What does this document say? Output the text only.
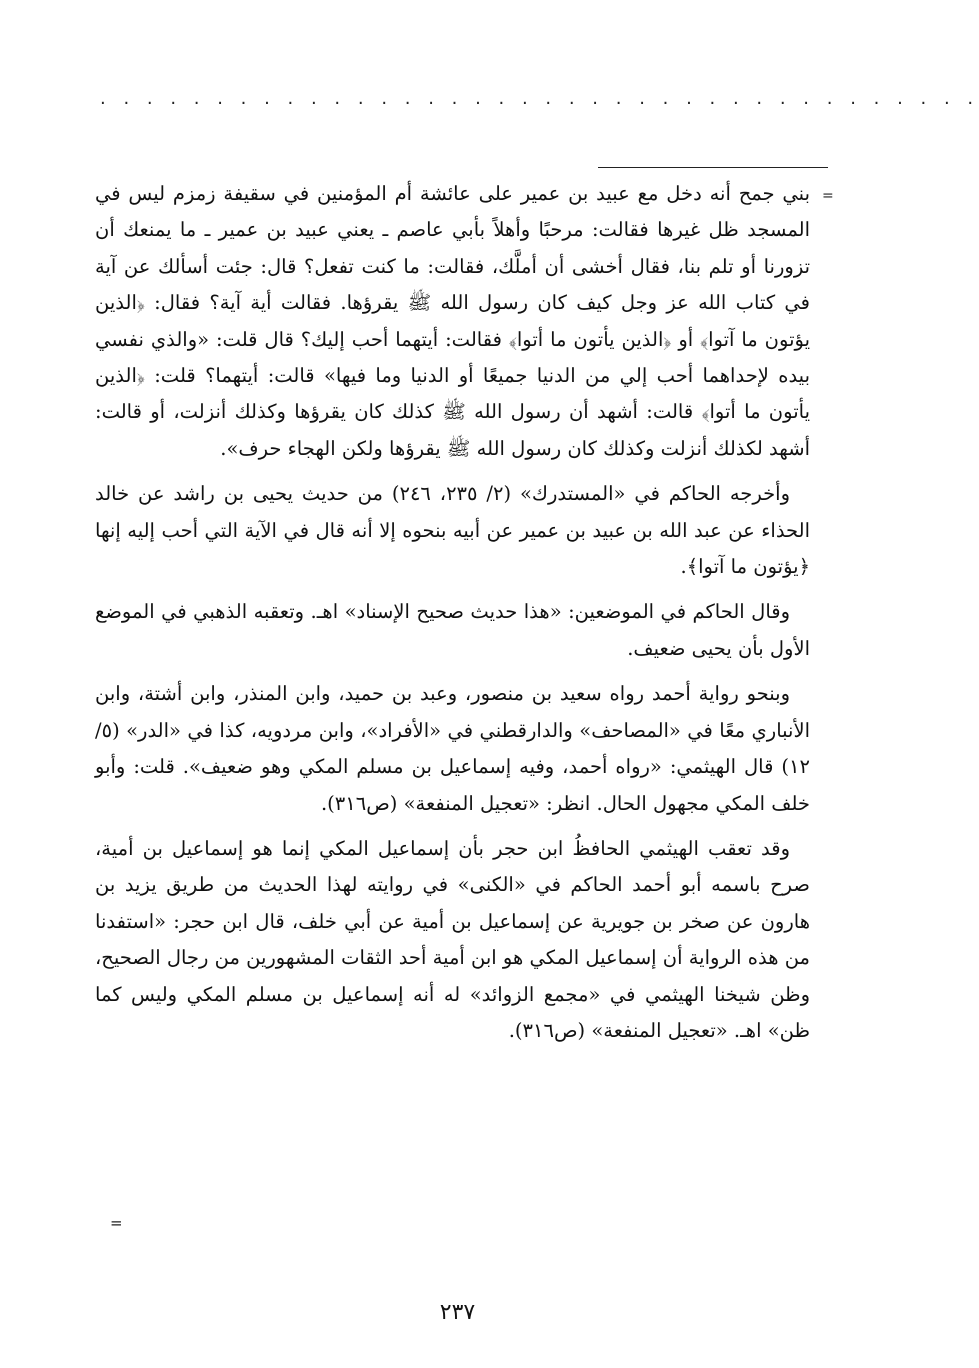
. . . . . . . . . . . . . . . . . . . . . . . . . . . . . . . . . . . . . .
=

بني جمح أنه دخل مع عبيد بن عمير على عائشة أم المؤمنين في سقيفة زمزم ليس في المسجد ظل غيرها فقالت: مرحبًا وأهلاً بأبي عاصم ـ يعني عبيد بن عمير ـ ما يمنعك أن تزورنا أو تلم بنا، فقال أخشى أن أملَّك، فقالت: ما كنت تفعل؟ قال: جئت أسألك عن آية في كتاب الله عز وجل كيف كان رسول الله ﷺ يقرؤها. فقالت أية آية؟ فقال: ﴿الذين يؤتون ما آتوا﴾ أو ﴿الذين يأتون ما أتوا﴾ فقالت: أيتهما أحب إليك؟ قال قلت: «والذي نفسي بيده لإحداهما أحب إلي من الدنيا جميعًا أو الدنيا وما فيها» قالت: أيتهما؟ قلت: ﴿الذين يأتون ما أتوا﴾ قالت: أشهد أن رسول الله ﷺ كذلك كان يقرؤها وكذلك أنزلت، أو قالت: أشهد لكذلك أنزلت وكذلك كان رسول الله ﷺ يقرؤها ولكن الهجاء حرف».

وأخرجه الحاكم في «المستدرك» (٢/ ٢٣٥، ٢٤٦) من حديث يحيى بن راشد عن خالد الحذاء عن عبد الله بن عبيد بن عمير عن أبيه بنحوه إلا أنه قال في الآية التي أحب إليه إنها ﴿يؤتون ما آتوا﴾.

وقال الحاكم في الموضعين: «هذا حديث صحيح الإسناد» اهـ. وتعقبه الذهبي في الموضع الأول بأن يحيى ضعيف.

وبنحو رواية أحمد رواه سعيد بن منصور، وعبد بن حميد، وابن المنذر، وابن أشتة، وابن الأنباري معًا في «المصاحف» والدارقطني في «الأفراد»، وابن مردويه، كذا في «الدر» (٥/ ١٢) قال الهيثمي: «رواه أحمد، وفيه إسماعيل بن مسلم المكي وهو ضعيف». قلت: وأبو خلف المكي مجهول الحال. انظر: «تعجيل المنفعة» (ص٣١٦).

وقد تعقب الهيثمي الحافظُ ابن حجر بأن إسماعيل المكي إنما هو إسماعيل بن أمية، صرح باسمه أبو أحمد الحاكم في «الكنى» في روايته لهذا الحديث من طريق يزيد بن هارون عن صخر بن جويرية عن إسماعيل بن أمية عن أبي خلف، قال ابن حجر: «استفدنا من هذه الرواية أن إسماعيل المكي هو ابن أمية أحد الثقات المشهورين من رجال الصحيح، وظن شيخنا الهيثمي في «مجمع الزوائد» له أنه إسماعيل بن مسلم المكي وليس كما ظن» اهـ. «تعجيل المنفعة» (ص٣١٦).

=
٢٣٧
